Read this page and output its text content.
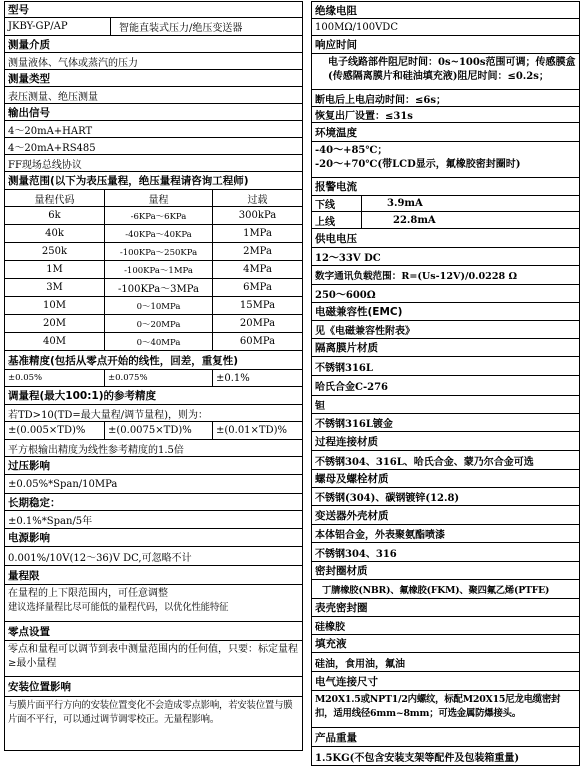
型号
JKBY-GP/AP	智能直装式压力/绝压变送器
测量介质
测量液体、气体或蒸汽的压力
测量类型
表压测量、绝压测量
输出信号
4～20mA+HART
4～20mA+RS485
FF现场总线协议
测量范围(以下为表压量程，绝压量程请咨询工程师)
量程代码	量程	过载
6k	-6KPa～6KPa	300kPa
40k	-40KPa～40KPa	1MPa
250k	-100KPa～250KPa	2MPa
1M	-100KPa～1MPa	4MPa
3M	-100KPa～3MPa	6MPa
10M	0～10MPa	15MPa
20M	0～20MPa	20MPa
40M	0～40MPa	60MPa
基准精度(包括从零点开始的线性，回差，重复性)
±0.05%	±0.075%	±0.1%
调量程(最大100:1)的参考精度
若TD>10(TD=最大量程/调节量程)，则为：
±(0.005×TD)%	±(0.0075×TD)%	±(0.01×TD)%
平方根输出精度为线性参考精度的1.5倍
过压影响
±0.05%*Span/10MPa
长期稳定：
±0.1%*Span/5年
电源影响
0.001%/10V(12～36)V DC,可忽略不计
量程限
在量程的上下限范围内，可任意调整
建议选择量程比尽可能低的量程代码，以优化性能特征
零点设置
零点和量程可以调节到表中测量范围内的任何值，只要：标定量程≥最小量程
安装位置影响
与膜片面平行方向的安装位置变化不会造成零点影响，若安装位置与膜片面不平行，可以通过调节调零校正。无量程影响。
绝缘电阻
100MΩ/100VDC
响应时间
电子线路部件阻尼时间：0s~100s范围可调；传感膜盒(传感隔离膜片和硅油填充液)阻尼时间：≤0.2s；
断电后上电启动时间：≤6s；
恢复出厂设置：≤31s
环境温度
-40～+85℃；
-20～+70℃(带LCD显示，氟橡胶密封圈时)
报警电流
下线	3.9mA
上线	22.8mA
供电电压
12～33V DC
数字通讯负载范围：R=(Us-12V)/0.0228 Ω
250～600Ω
电磁兼容性(EMC)
见《电磁兼容性附表》
隔离膜片材质
不锈钢316L
哈氏合金C-276
钽
不锈钢316L镀金
过程连接材质
不锈钢304、316L、哈氏合金、蒙乃尔合金可选
螺母及螺栓材质
不锈钢(304)、碳钢镀锌(12.8)
变送器外壳材质
本体铝合金，外表聚氨酯喷漆
不锈钢304、316
密封圈材质
丁腈橡胶(NBR)、氟橡胶(FKM)、聚四氟乙烯(PTFE)
表壳密封圈
硅橡胶
填充液
硅油，食用油，氟油
电气连接尺寸
M20X1.5或NPT1/2内螺纹，标配M20X15尼龙电缆密封扣，适用线径6mm~8mm；可选金属防爆接头。
产品重量
1.5KG(不包含安装支架等配件及包装箱重量)
